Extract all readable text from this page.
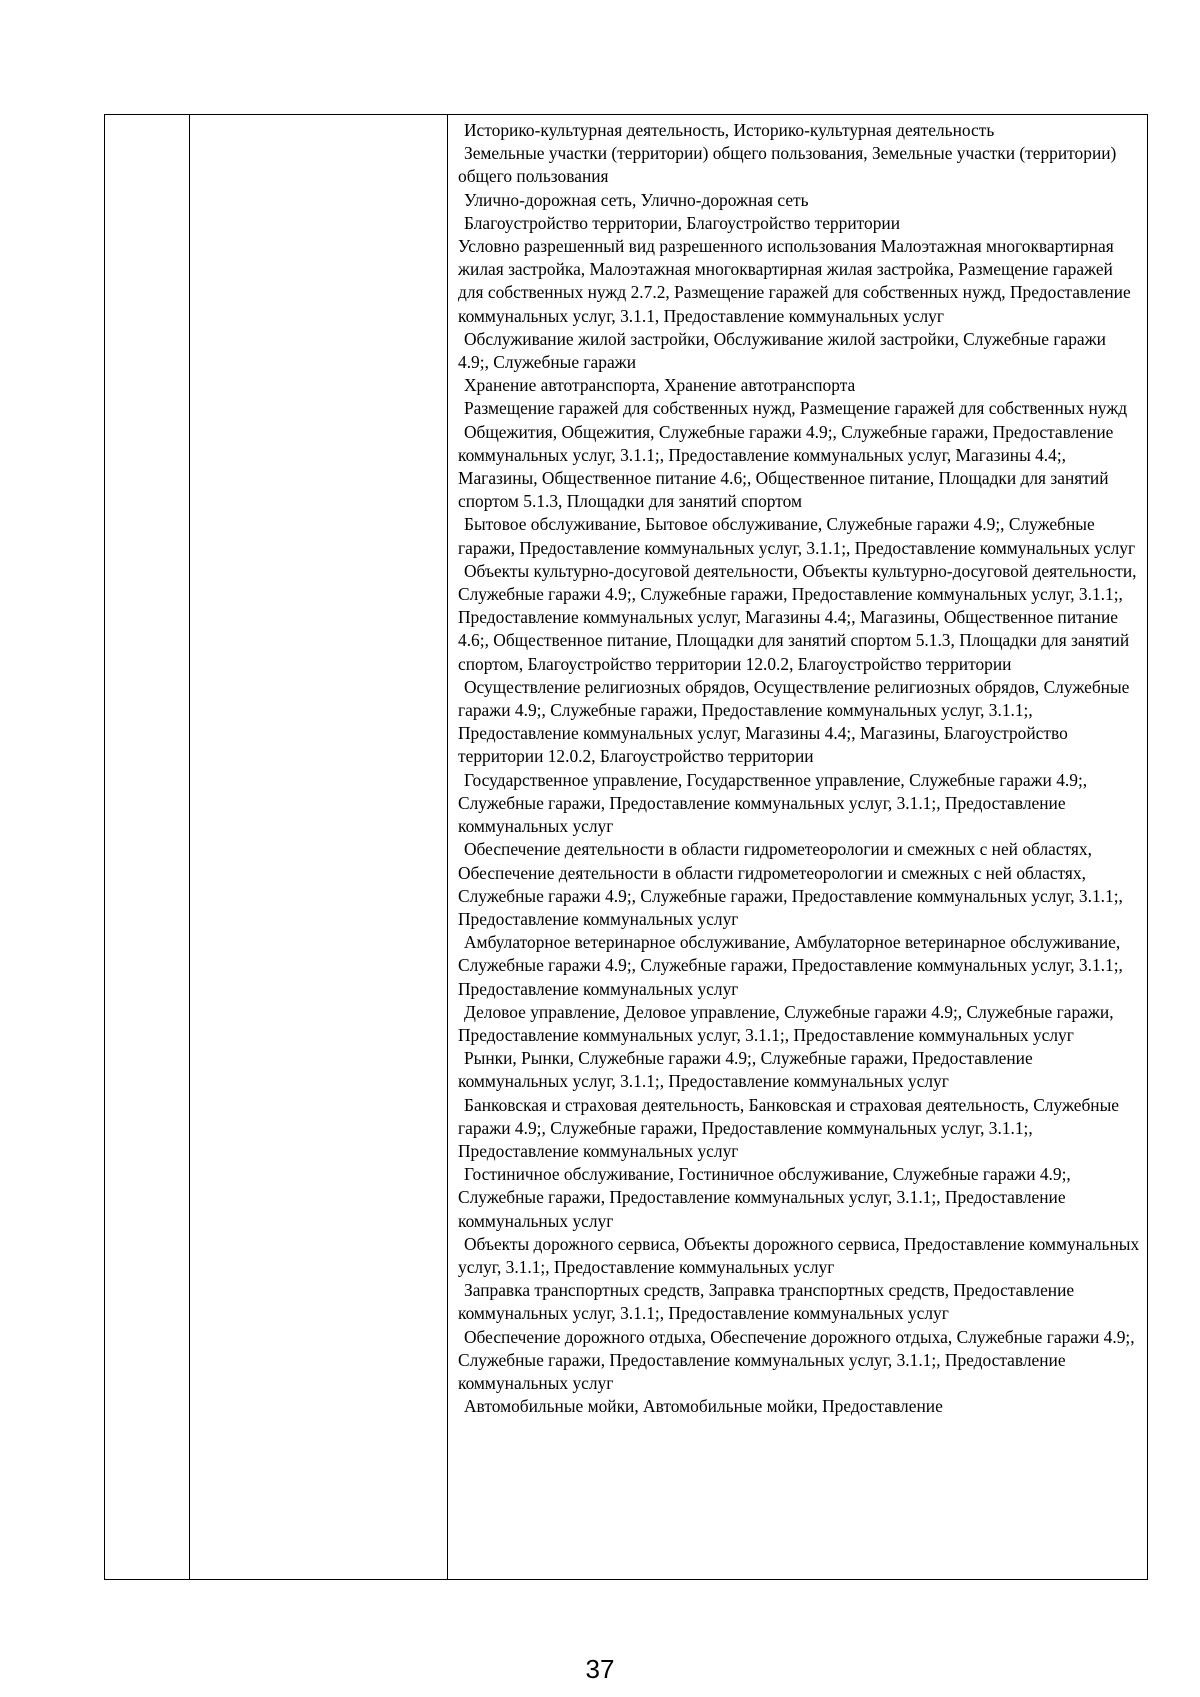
Историко-культурная деятельность, Историко-культурная деятельность

Земельные участки (территории) общего пользования, Земельные участки (территории) общего пользования

Улично-дорожная сеть, Улично-дорожная сеть

Благоустройство территории, Благоустройство территории

Условно разрешенный вид разрешенного использования Малоэтажная многоквартирная жилая застройка, Малоэтажная многоквартирная жилая застройка, Размещение гаражей для собственных нужд 2.7.2, Размещение гаражей для собственных нужд, Предоставление коммунальных услуг, 3.1.1, Предоставление коммунальных услуг

Обслуживание жилой застройки, Обслуживание жилой застройки, Служебные гаражи 4.9;, Служебные гаражи

Хранение автотранспорта, Хранение автотранспорта

Размещение гаражей для собственных нужд, Размещение гаражей для собственных нужд

Общежития, Общежития, Служебные гаражи 4.9;, Служебные гаражи, Предоставление коммунальных услуг, 3.1.1;, Предоставление коммунальных услуг, Магазины 4.4;, Магазины, Общественное питание 4.6;, Общественное питание, Площадки для занятий спортом 5.1.3, Площадки для занятий спортом

Бытовое обслуживание, Бытовое обслуживание, Служебные гаражи 4.9;, Служебные гаражи, Предоставление коммунальных услуг, 3.1.1;, Предоставление коммунальных услуг

Объекты культурно-досуговой деятельности, Объекты культурно-досуговой деятельности, Служебные гаражи 4.9;, Служебные гаражи, Предоставление коммунальных услуг, 3.1.1;, Предоставление коммунальных услуг, Магазины 4.4;, Магазины, Общественное питание 4.6;, Общественное питание, Площадки для занятий спортом 5.1.3, Площадки для занятий спортом, Благоустройство территории 12.0.2, Благоустройство территории

Осуществление религиозных обрядов, Осуществление религиозных обрядов, Служебные гаражи 4.9;, Служебные гаражи, Предоставление коммунальных услуг, 3.1.1;, Предоставление коммунальных услуг, Магазины 4.4;, Магазины, Благоустройство территории 12.0.2, Благоустройство территории

Государственное управление, Государственное управление, Служебные гаражи 4.9;, Служебные гаражи, Предоставление коммунальных услуг, 3.1.1;, Предоставление коммунальных услуг

Обеспечение деятельности в области гидрометеорологии и смежных с ней областях, Обеспечение деятельности в области гидрометеорологии и смежных с ней областях, Служебные гаражи 4.9;, Служебные гаражи, Предоставление коммунальных услуг, 3.1.1;, Предоставление коммунальных услуг

Амбулаторное ветеринарное обслуживание, Амбулаторное ветеринарное обслуживание, Служебные гаражи 4.9;, Служебные гаражи, Предоставление коммунальных услуг, 3.1.1;, Предоставление коммунальных услуг

Деловое управление, Деловое управление, Служебные гаражи 4.9;, Служебные гаражи, Предоставление коммунальных услуг, 3.1.1;, Предоставление коммунальных услуг

Рынки, Рынки, Служебные гаражи 4.9;, Служебные гаражи, Предоставление коммунальных услуг, 3.1.1;, Предоставление коммунальных услуг

Банковская и страховая деятельность, Банковская и страховая деятельность, Служебные гаражи 4.9;, Служебные гаражи, Предоставление коммунальных услуг, 3.1.1;, Предоставление коммунальных услуг

Гостиничное обслуживание, Гостиничное обслуживание, Служебные гаражи 4.9;, Служебные гаражи, Предоставление коммунальных услуг, 3.1.1;, Предоставление коммунальных услуг

Объекты дорожного сервиса, Объекты дорожного сервиса, Предоставление коммунальных услуг, 3.1.1;, Предоставление коммунальных услуг

Заправка транспортных средств, Заправка транспортных средств, Предоставление коммунальных услуг, 3.1.1;, Предоставление коммунальных услуг

Обеспечение дорожного отдыха, Обеспечение дорожного отдыха, Служебные гаражи 4.9;, Служебные гаражи, Предоставление коммунальных услуг, 3.1.1;, Предоставление коммунальных услуг

Автомобильные мойки, Автомобильные мойки, Предоставление

37
